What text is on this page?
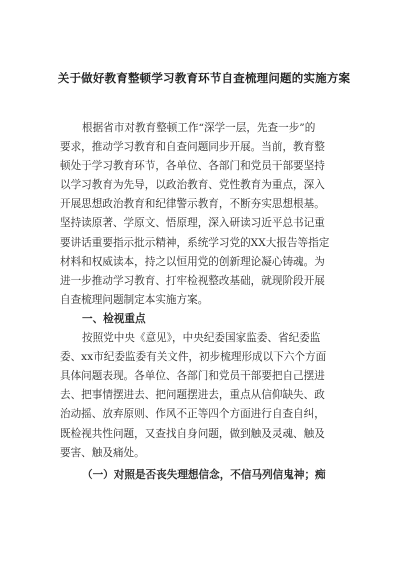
关于做好教育整顿学习教育环节自查梳理问题的实施方案
根据省市对教育整顿工作“深学一层，先查一步”的
要求，推动学习教育和自查问题同步开展。当前，教育整
顿处于学习教育环节，各单位、各部门和党员干部要坚持
以学习教育为先导，以政治教育、党性教育为重点，深入
开展思想政治教育和纪律警示教育，不断夯实思想根基。
坚持读原著、学原文、悟原理，深入研读习近平总书记重
要讲话重要指示批示精神，系统学习党的XX大报告等指定
材料和权威读本，持之以恒用党的创新理论凝心铸魂。为
进一步推动学习教育、打牢检视整改基础，就现阶段开展
自查梳理问题制定本实施方案。
一、检视重点
按照党中央《意见》，中央纪委国家监委、省纪委监
委、xx市纪委监委有关文件，初步梳理形成以下六个方面
具体问题表现。各单位、各部门和党员干部要把自己摆进
去、把事情摆进去、把问题摆进去，重点从信仰缺失、政
治动摇、放弃原则、作风不正等四个方面进行自查自纠，
既检视共性问题，又查找自身问题，做到触及灵魂、触及
要害、触及痛处。
（一）对照是否丧失理想信念，不信马列信鬼神；痴
